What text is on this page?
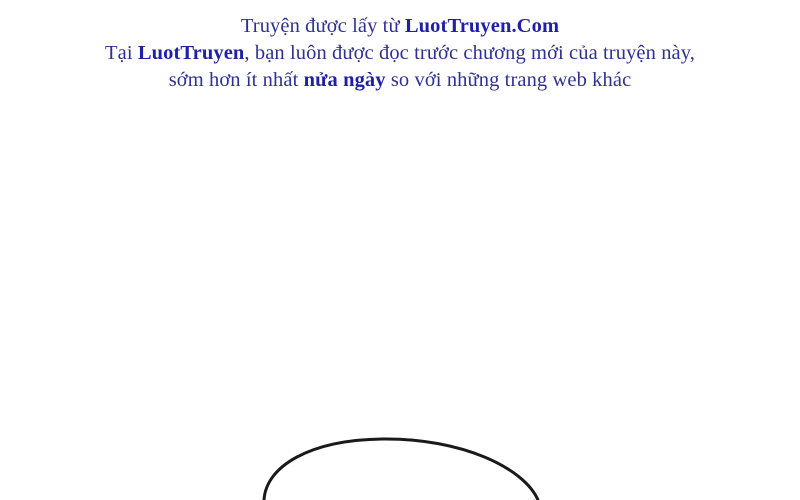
Truyện được lấy từ LuotTruyen.Com
Tại LuotTruyen, bạn luôn được đọc trước chương mới của truyện này,
sớm hơn ít nhất nửa ngày so với những trang web khác
